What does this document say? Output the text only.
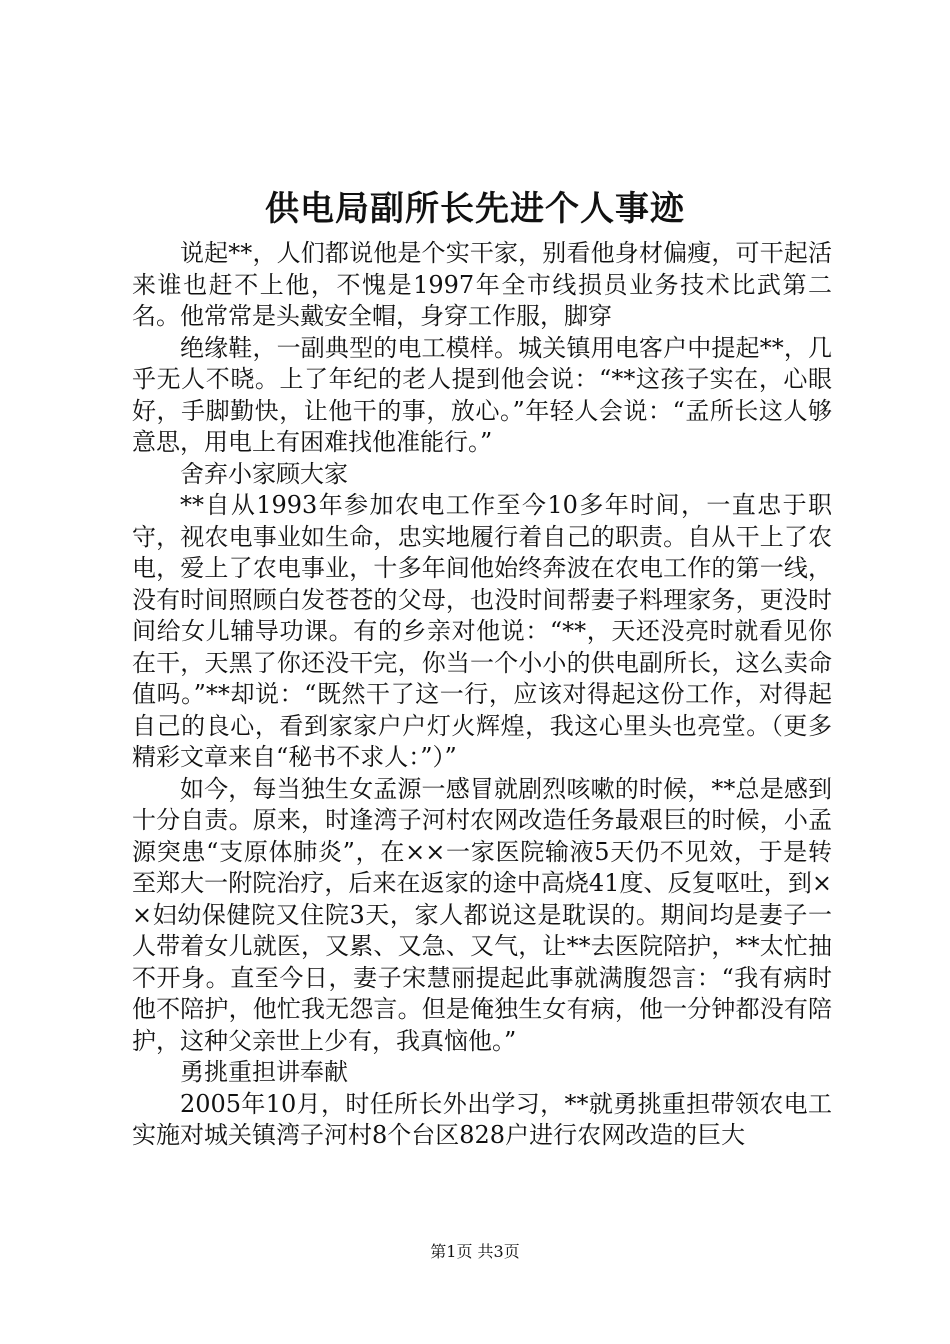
供电局副所长先进个人事迹

说起**，人们都说他是个实干家，别看他身材偏瘦，可干起活来谁也赶不上他，不愧是1997年全市线损员业务技术比武第二名。他常常是头戴安全帽，身穿工作服，脚穿

绝缘鞋，一副典型的电工模样。城关镇用电客户中提起**，几乎无人不晓。上了年纪的老人提到他会说：“**这孩子实在，心眼好，手脚勤快，让他干的事，放心。”年轻人会说：“孟所长这人够意思，用电上有困难找他准能行。”

舍弃小家顾大家

**自从1993年参加农电工作至今10多年时间，一直忠于职守，视农电事业如生命，忠实地履行着自己的职责。自从干上了农电，爱上了农电事业，十多年间他始终奔波在农电工作的第一线，没有时间照顾白发苍苍的父母，也没时间帮妻子料理家务，更没时间给女儿辅导功课。有的乡亲对他说：“**，天还没亮时就看见你在干，天黑了你还没干完，你当一个小小的供电副所长，这么卖命值吗。”**却说：“既然干了这一行，应该对得起这份工作，对得起自己的良心，看到家家户户灯火辉煌，我这心里头也亮堂。（更多精彩文章来自“秘书不求人：”）”

如今，每当独生女孟源一感冒就剧烈咳嗽的时候，**总是感到十分自责。原来，时逢湾子河村农网改造任务最艰巨的时候，小孟源突患“支原体肺炎”，在××一家医院输液5天仍不见效，于是转至郑大一附院治疗，后来在返家的途中高烧41度、反复呕吐，到××妇幼保健院又住院3天，家人都说这是耽误的。期间均是妻子一人带着女儿就医，又累、又急、又气，让**去医院陪护，**太忙抽不开身。直至今日，妻子宋慧丽提起此事就满腹怨言：“我有病时他不陪护，他忙我无怨言。但是俺独生女有病，他一分钟都没有陪护，这种父亲世上少有，我真恼他。”

勇挑重担讲奉献

2005年10月，时任所长外出学习，**就勇挑重担带领农电工实施对城关镇湾子河村8个台区828户进行农网改造的巨大

第1页 共3页
